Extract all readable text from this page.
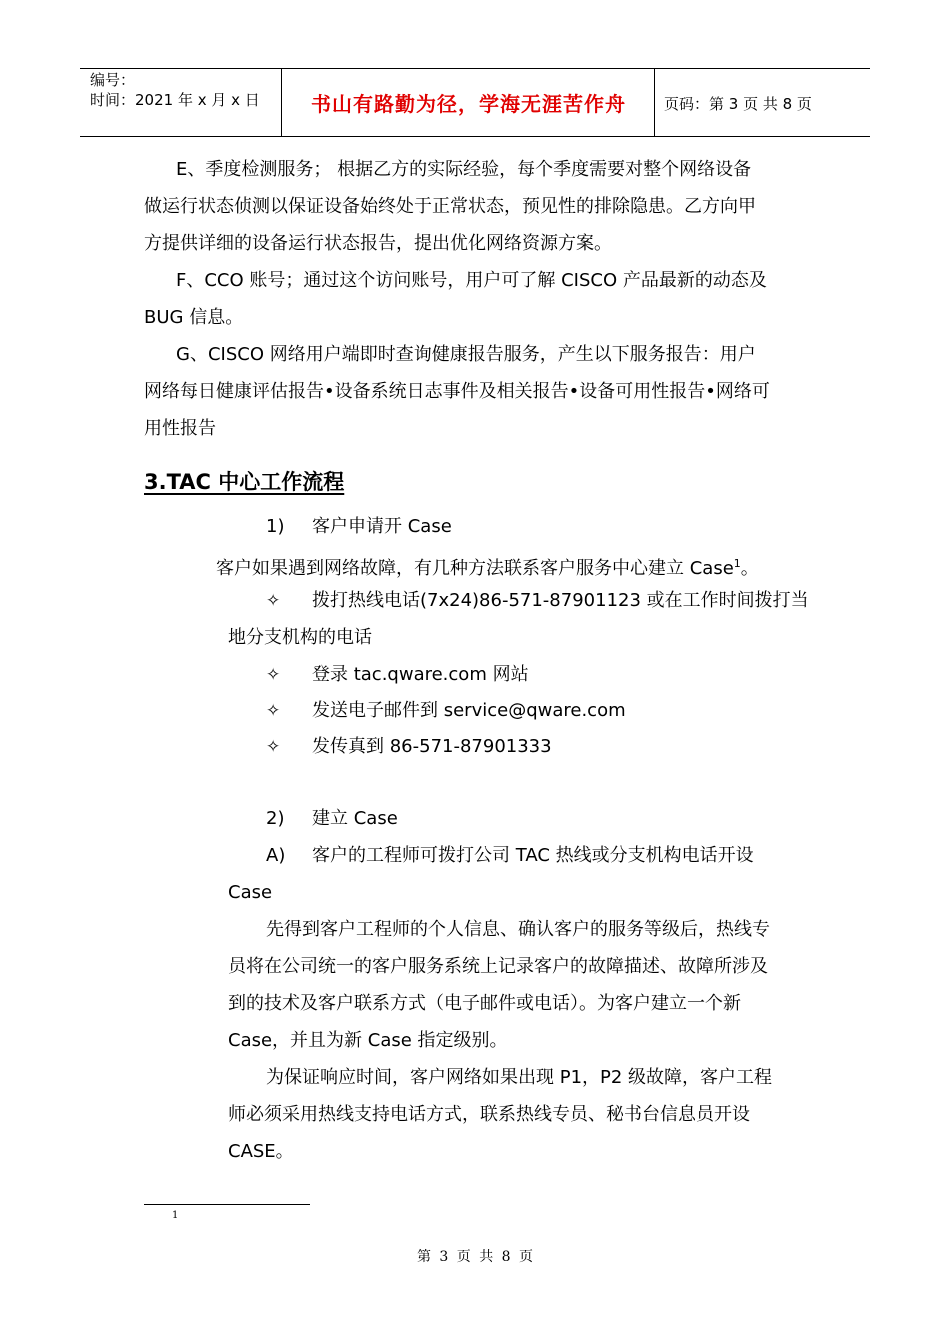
编号：
时间：2021 年 x 月 x 日	书山有路勤为径，学海无涯苦作舟	页码：第 3 页 共 8 页
E、季度检测服务； 根据乙方的实际经验，每个季度需要对整个网络设备
做运行状态侦测以保证设备始终处于正常状态，预见性的排除隐患。乙方向甲
方提供详细的设备运行状态报告，提出优化网络资源方案。
F、CCO 账号；通过这个访问账号，用户可了解 CISCO 产品最新的动态及
BUG 信息。
G、CISCO 网络用户端即时查询健康报告服务，产生以下服务报告：用户
网络每日健康评估报告•设备系统日志事件及相关报告•设备可用性报告•网络可
用性报告
3.TAC 中心工作流程
1) 客户申请开 Case
客户如果遇到网络故障，有几种方法联系客户服务中心建立 Case$^1$。
✧ 拨打热线电话(7x24)86-571-87901123 或在工作时间拨打当
地分支机构的电话
✧ 登录 tac.qware.com 网站
✧ 发送电子邮件到 service@qware.com
✧ 发传真到 86-571-87901333
2) 建立 Case
A) 客户的工程师可拨打公司 TAC 热线或分支机构电话开设
Case
先得到客户工程师的个人信息、确认客户的服务等级后，热线专
员将在公司统一的客户服务系统上记录客户的故障描述、故障所涉及
到的技术及客户联系方式（电子邮件或电话）。为客户建立一个新
Case，并且为新 Case 指定级别。
为保证响应时间，客户网络如果出现 P1，P2 级故障，客户工程
师必须采用热线支持电话方式，联系热线专员、秘书台信息员开设
CASE。
1
第 3 页 共 8 页
